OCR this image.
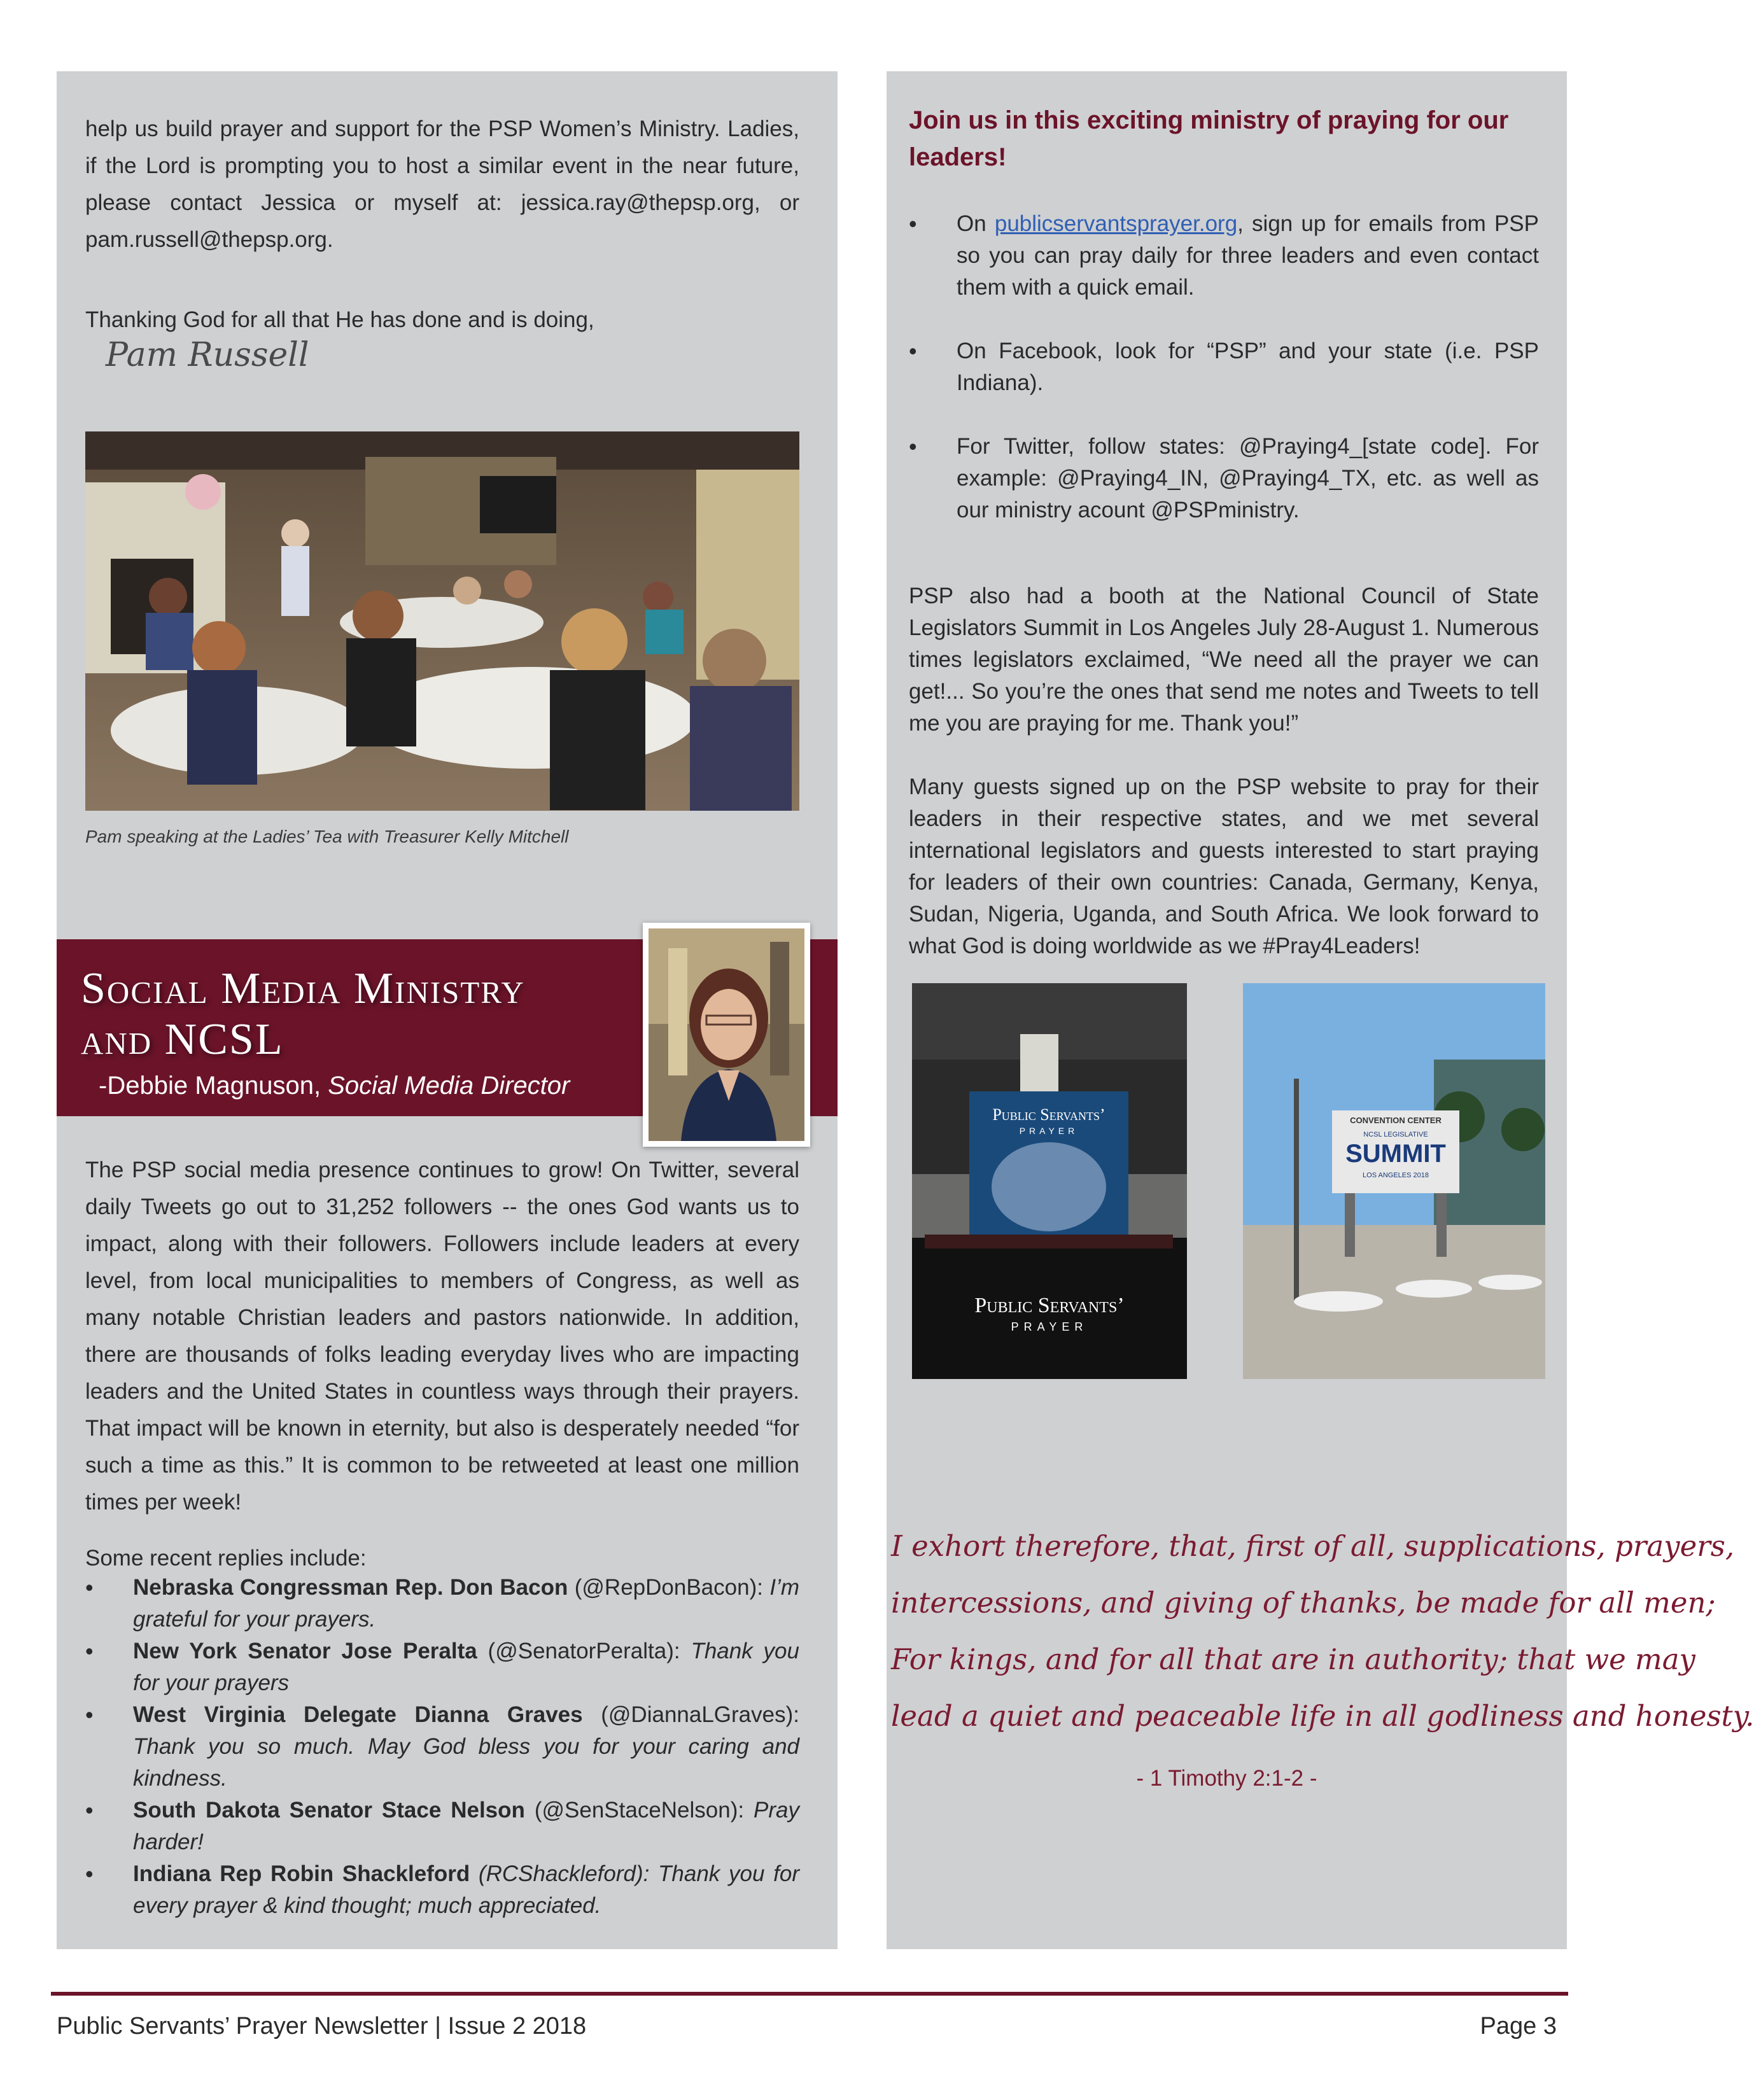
help us build prayer and support for the PSP Women’s Ministry. Ladies, if the Lord is prompting you to host a similar event in the near future, please contact Jessica or myself at: jessica.ray@thepsp.org, or pam.russell@thepsp.org.

Thanking God for all that He has done and is doing,

Pam Russell
Pam speaking at the Ladies’ Tea with Treasurer Kelly Mitchell
Social Media Ministry
and NCSL
-Debbie Magnuson, Social Media Director

The PSP social media presence continues to grow! On Twitter, several daily Tweets go out to 31,252 followers -- the ones God wants us to impact, along with their followers. Followers include leaders at every level, from local municipalities to members of Congress, as well as many notable Christian leaders and pastors nationwide. In addition, there are thousands of folks leading everyday lives who are impacting leaders and the United States in countless ways through their prayers. That impact will be known in eternity, but also is desperately needed “for such a time as this.” It is common to be retweeted at least one million times per week!

Some recent replies include:
• Nebraska Congressman Rep. Don Bacon (@RepDonBacon): I’m grateful for your prayers.
• New York Senator Jose Peralta (@SenatorPeralta): Thank you for your prayers
• West Virginia Delegate Dianna Graves (@DiannaLGraves): Thank you so much. May God bless you for your caring and kindness.
• South Dakota Senator Stace Nelson (@SenStaceNelson): Pray harder!
• Indiana Rep Robin Shackleford (RCShackleford): Thank you for every prayer & kind thought; much appreciated.

Join us in this exciting ministry of praying for our leaders!

• On publicservantsprayer.org, sign up for emails from PSP so you can pray daily for three leaders and even contact them with a quick email.
• On Facebook, look for “PSP” and your state (i.e. PSP Indiana).
• For Twitter, follow states: @Praying4_[state code]. For example: @Praying4_IN, @Praying4_TX, etc. as well as our ministry acount @PSPministry.

PSP also had a booth at the National Council of State Legislators Summit in Los Angeles July 28-August 1. Numerous times legislators exclaimed, “We need all the prayer we can get!... So you’re the ones that send me notes and Tweets to tell me you are praying for me. Thank you!”

Many guests signed up on the PSP website to pray for their leaders in their respective states, and we met several international legislators and guests interested to start praying for leaders of their own countries: Canada, Germany, Kenya, Sudan, Nigeria, Uganda, and South Africa. We look forward to what God is doing worldwide as we #Pray4Leaders!

Public Servants’
PRAYER
Public Servants’
PRAYER
CONVENTION CENTER
NCSL LEGISLATIVE
SUMMIT
LOS ANGELES 2018
I exhort therefore, that, first of all, supplications, prayers,
intercessions, and giving of thanks, be made for all men;
For kings, and for all that are in authority; that we may
lead a quiet and peaceable life in all godliness and honesty.
- 1 Timothy 2:1-2 -
Public Servants’ Prayer Newsletter | Issue 2 2018	Page 3
